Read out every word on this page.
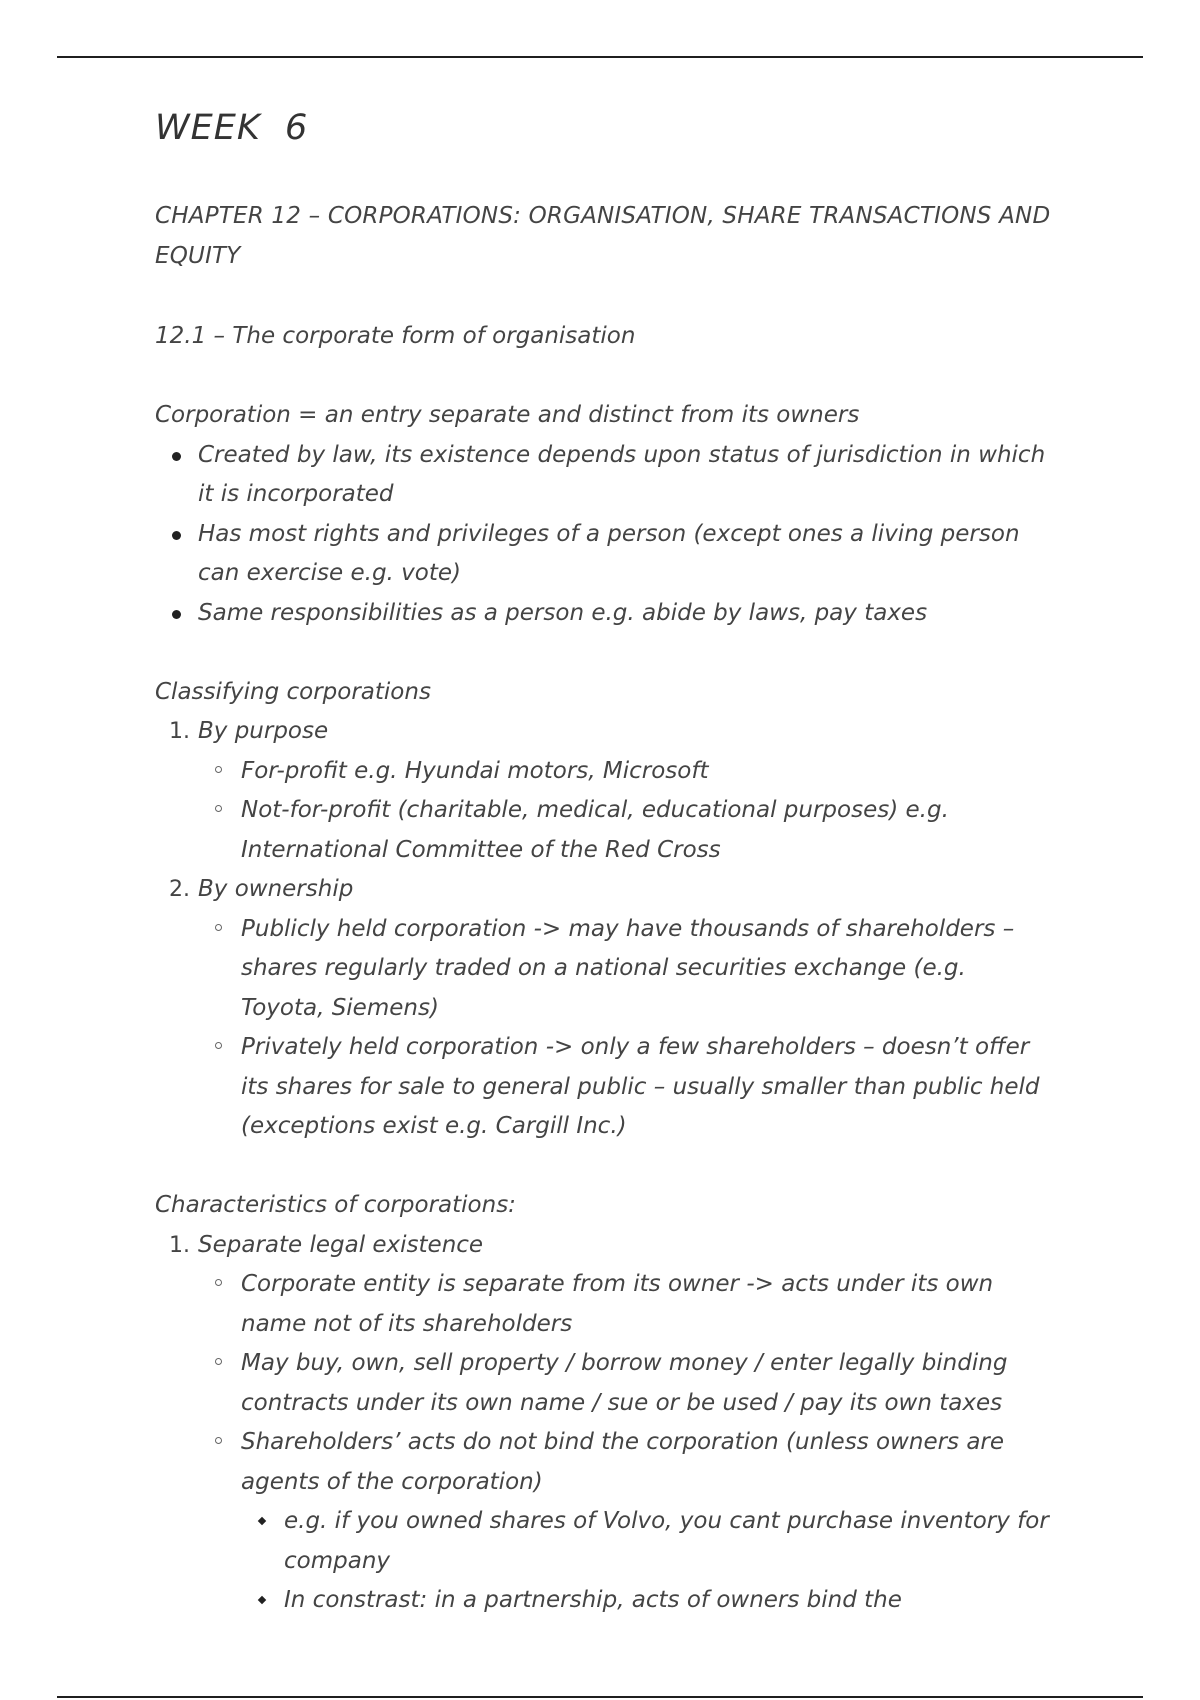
WEEK  6
CHAPTER 12 – CORPORATIONS: ORGANISATION, SHARE TRANSACTIONS AND EQUITY

12.1 – The corporate form of organisation

Corporation = an entry separate and distinct from its owners

Created by law, its existence depends upon status of jurisdiction in which it is incorporated
Has most rights and privileges of a person (except ones a living person can exercise e.g. vote)
Same responsibilities as a person e.g. abide by laws, pay taxes

Classifying corporations

1. By purpose
For-profit e.g. Hyundai motors, Microsoft
Not-for-profit (charitable, medical, educational purposes) e.g. International Committee of the Red Cross
2. By ownership
Publicly held corporation -> may have thousands of shareholders – shares regularly traded on a national securities exchange (e.g. Toyota, Siemens)
Privately held corporation -> only a few shareholders – doesn’t offer its shares for sale to general public – usually smaller than public held (exceptions exist e.g. Cargill Inc.)

Characteristics of corporations:

1. Separate legal existence
Corporate entity is separate from its owner -> acts under its own name not of its shareholders
May buy, own, sell property / borrow money / enter legally binding contracts under its own name / sue or be used / pay its own taxes
Shareholders’ acts do not bind the corporation (unless owners are agents of the corporation)
e.g. if you owned shares of Volvo, you cant purchase inventory for company
In constrast: in a partnership, acts of owners bind the
